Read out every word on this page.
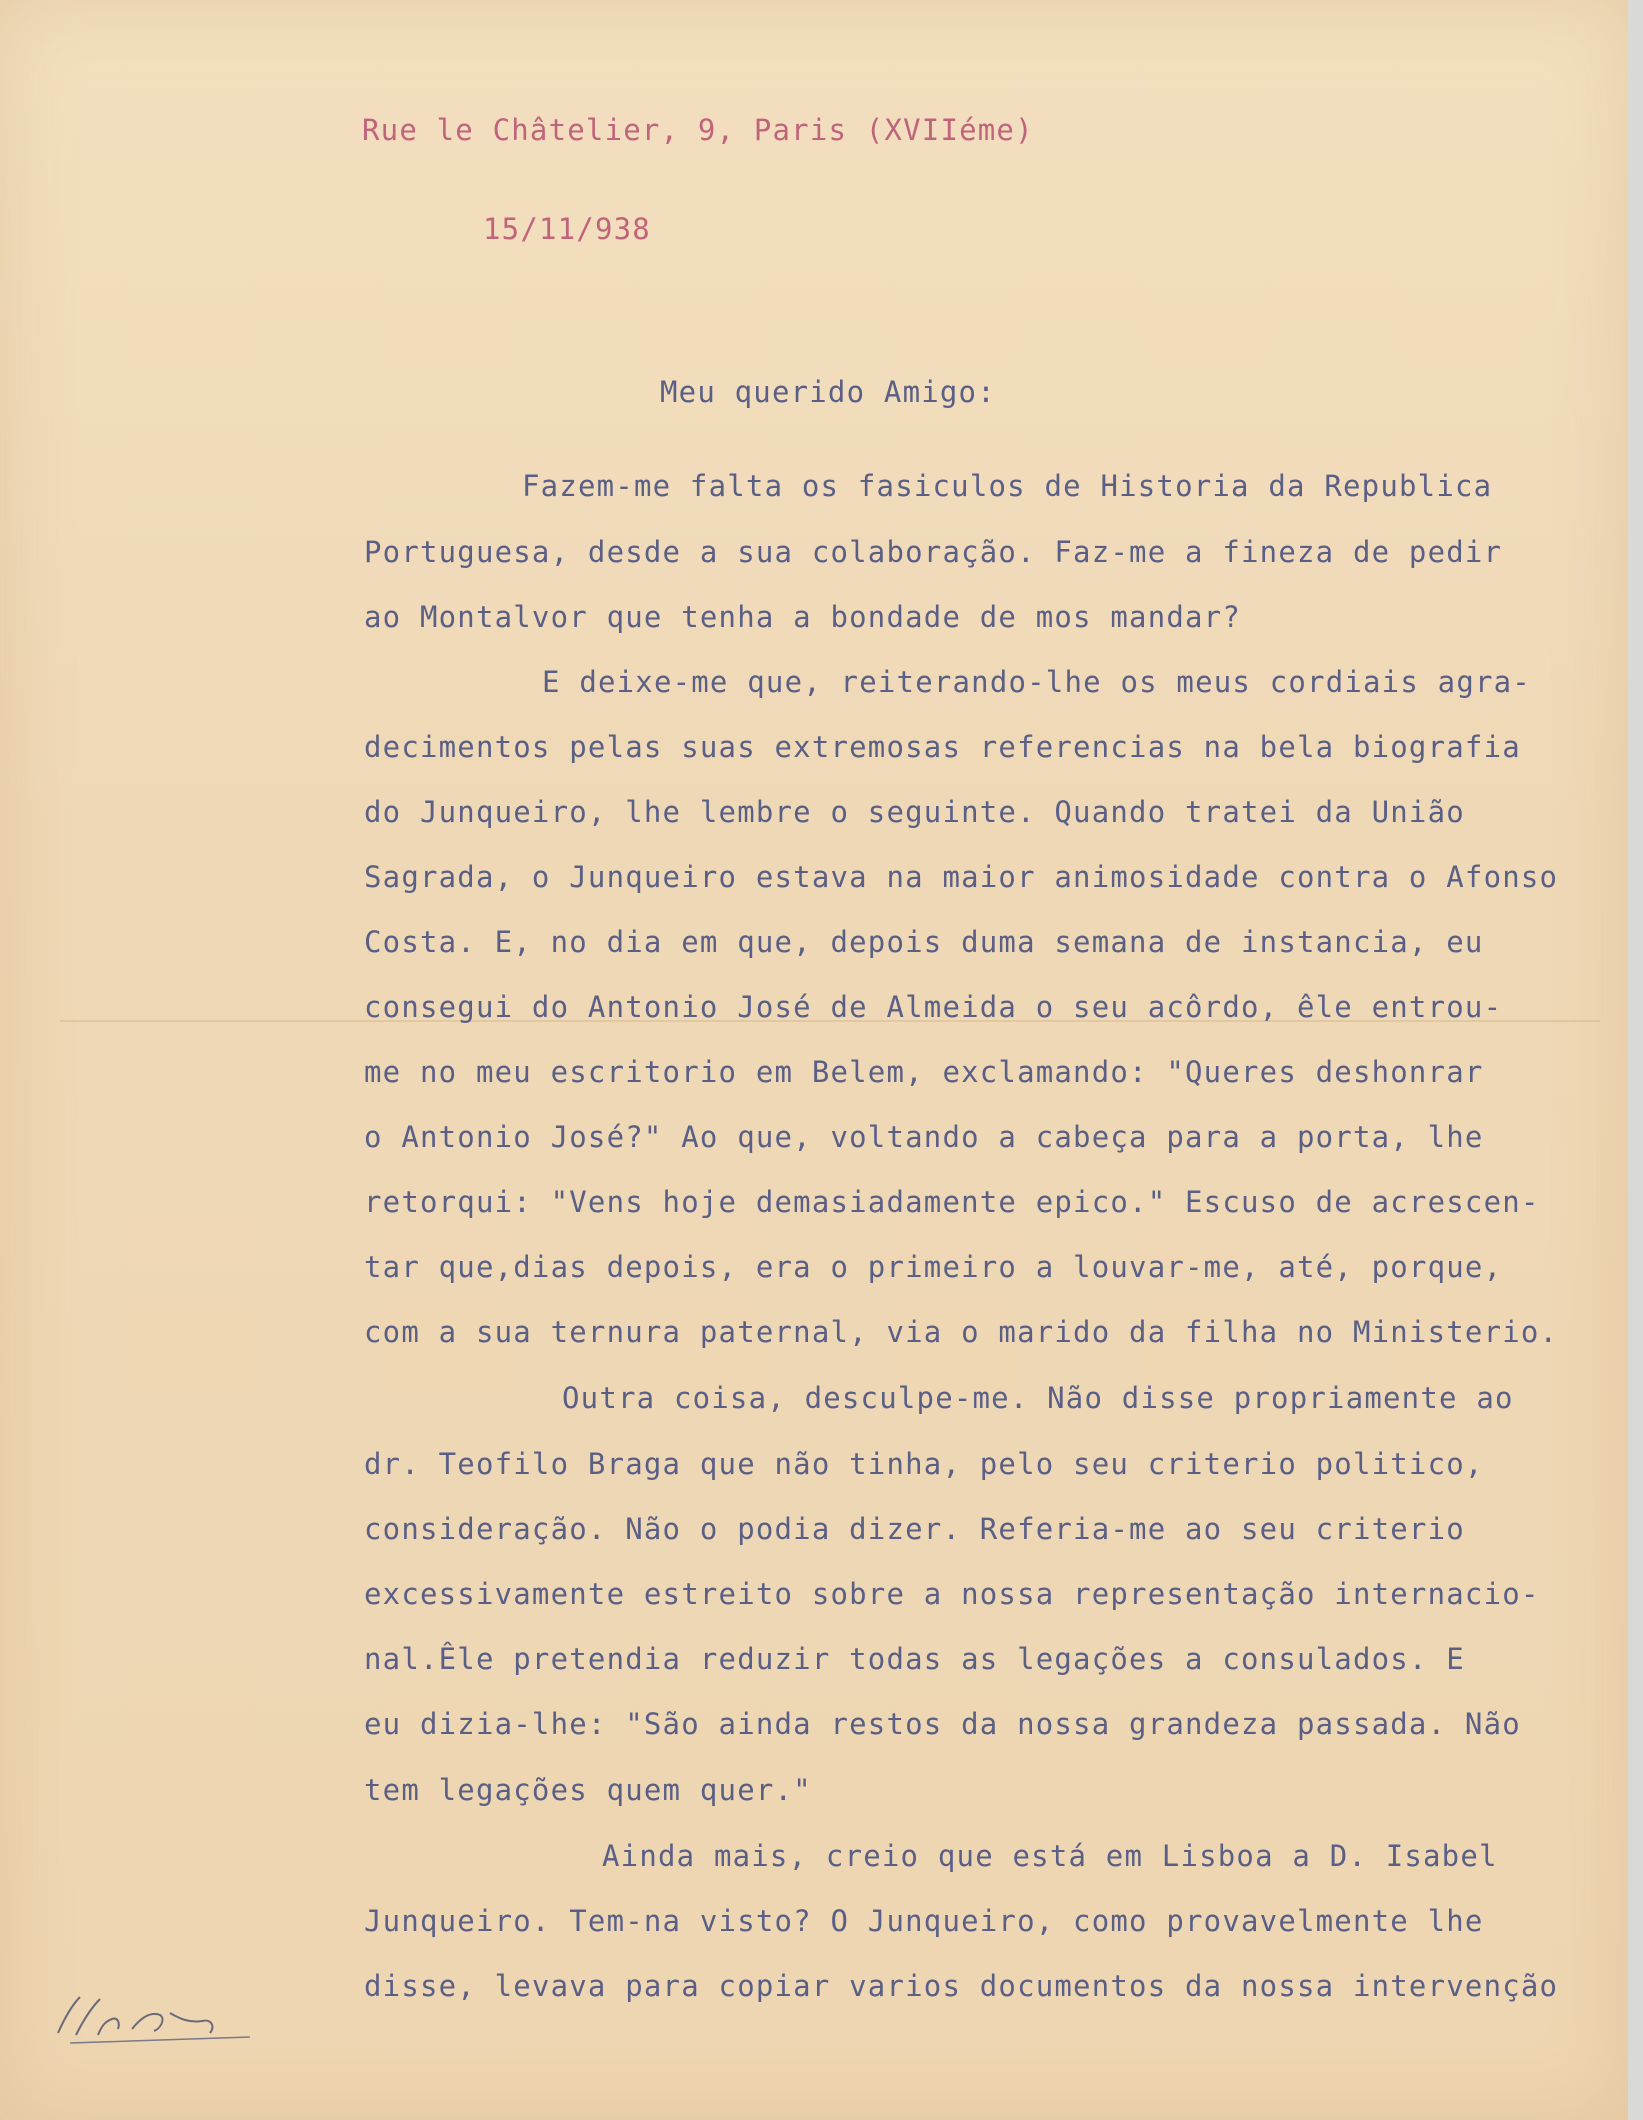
Rue le Châtelier, 9, Paris (XVIIéme)
15/11/938
Meu querido Amigo:
Fazem-me falta os fasiculos de Historia da Republica
Portuguesa, desde a sua colaboração. Faz-me a fineza de pedir
ao Montalvor que tenha a bondade de mos mandar?
E deixe-me que, reiterando-lhe os meus cordiais agra-
decimentos pelas suas extremosas referencias na bela biografia
do Junqueiro, lhe lembre o seguinte. Quando tratei da União
Sagrada, o Junqueiro estava na maior animosidade contra o Afonso
Costa. E, no dia em que, depois duma semana de instancia, eu
consegui do Antonio José de Almeida o seu acôrdo, êle entrou-
me no meu escritorio em Belem, exclamando: "Queres deshonrar
o Antonio José?" Ao que, voltando a cabeça para a porta, lhe
retorqui: "Vens hoje demasiadamente epico." Escuso de acrescen-
tar que,dias depois, era o primeiro a louvar-me, até, porque,
com a sua ternura paternal, via o marido da filha no Ministerio.
Outra coisa, desculpe-me. Não disse propriamente ao
dr. Teofilo Braga que não tinha, pelo seu criterio politico,
consideração. Não o podia dizer. Referia-me ao seu criterio
excessivamente estreito sobre a nossa representação internacio-
nal.Êle pretendia reduzir todas as legações a consulados. E
eu dizia-lhe: "São ainda restos da nossa grandeza passada. Não
tem legações quem quer."
Ainda mais, creio que está em Lisboa a D. Isabel
Junqueiro. Tem-na visto? O Junqueiro, como provavelmente lhe
disse, levava para copiar varios documentos da nossa intervenção
